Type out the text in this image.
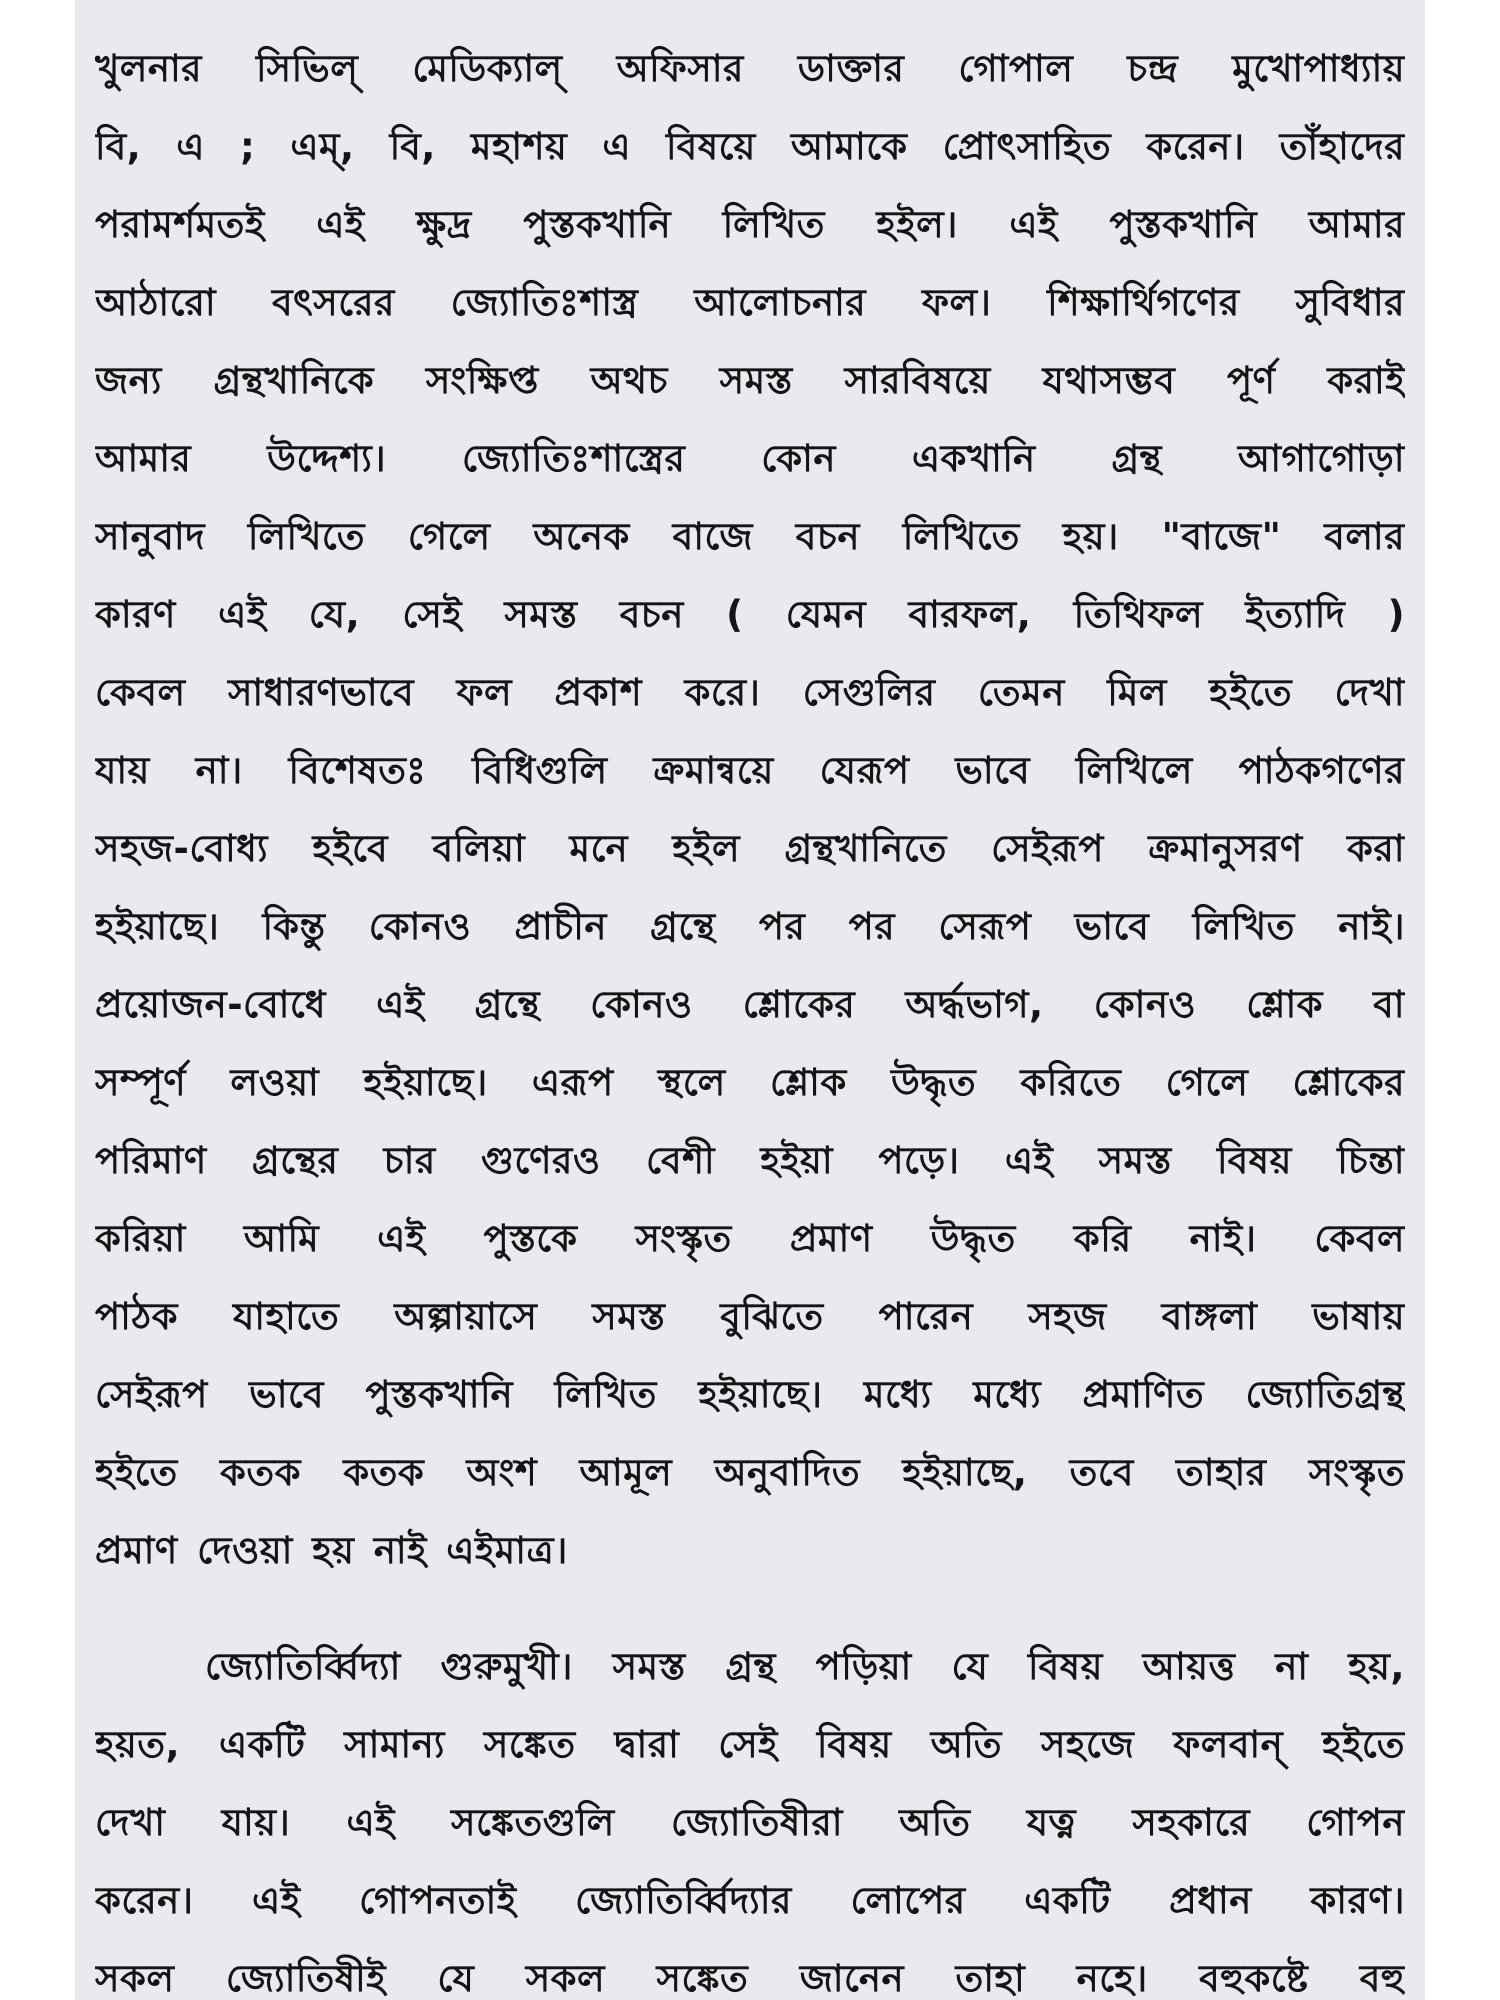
খুলনার সিভিল্ মেডিক্যাল্ অফিসার ডাক্তার গোপাল চন্দ্র মুখোপাধ্যায়
বি, এ ; এম্, বি, মহাশয় এ বিষয়ে আমাকে প্রোৎসাহিত করেন। তাঁহাদের
পরামর্শমতই এই ক্ষুদ্র পুস্তকখানি লিখিত হইল। এই পুস্তকখানি আমার
আঠারো বৎসরের জ্যোতিঃশাস্ত্র আলোচনার ফল। শিক্ষার্থিগণের সুবিধার
জন্য গ্রন্থখানিকে সংক্ষিপ্ত অথচ সমস্ত সারবিষয়ে যথাসম্ভব পূর্ণ করাই
আমার উদ্দেশ্য। জ্যোতিঃশাস্ত্রের কোন একখানি গ্রন্থ আগাগোড়া
সানুবাদ লিখিতে গেলে অনেক বাজে বচন লিখিতে হয়। "বাজে" বলার
কারণ এই যে, সেই সমস্ত বচন ( যেমন বারফল, তিথিফল ইত্যাদি )
কেবল সাধারণভাবে ফল প্রকাশ করে। সেগুলির তেমন মিল হইতে দেখা
যায় না। বিশেষতঃ বিধিগুলি ক্রমান্বয়ে যেরূপ ভাবে লিখিলে পাঠকগণের
সহজ-বোধ্য হইবে বলিয়া মনে হইল গ্রন্থখানিতে সেইরূপ ক্রমানুসরণ করা
হইয়াছে। কিন্তু কোনও প্রাচীন গ্রন্থে পর পর সেরূপ ভাবে লিখিত নাই।
প্রয়োজন-বোধে এই গ্রন্থে কোনও শ্লোকের অর্দ্ধভাগ, কোনও শ্লোক বা
সম্পূর্ণ লওয়া হইয়াছে। এরূপ স্থলে শ্লোক উদ্ধৃত করিতে গেলে শ্লোকের
পরিমাণ গ্রন্থের চার গুণেরও বেশী হইয়া পড়ে। এই সমস্ত বিষয় চিন্তা
করিয়া আমি এই পুস্তকে সংস্কৃত প্রমাণ উদ্ধৃত করি নাই। কেবল
পাঠক যাহাতে অল্পায়াসে সমস্ত বুঝিতে পারেন সহজ বাঙ্গলা ভাষায়
সেইরূপ ভাবে পুস্তকখানি লিখিত হইয়াছে। মধ্যে মধ্যে প্রমাণিত জ্যোতিগ্রন্থ
হইতে কতক কতক অংশ আমূল অনুবাদিত হইয়াছে, তবে তাহার সংস্কৃত
প্রমাণ দেওয়া হয় নাই এইমাত্র।
জ্যোতির্ব্বিদ্যা গুরুমুখী। সমস্ত গ্রন্থ পড়িয়া যে বিষয় আয়ত্ত না হয়,
হয়ত, একটি সামান্য সঙ্কেত দ্বারা সেই বিষয় অতি সহজে ফলবান্ হইতে
দেখা যায়। এই সঙ্কেতগুলি জ্যোতিষীরা অতি যত্ন সহকারে গোপন
করেন। এই গোপনতাই জ্যোতির্ব্বিদ্যার লোপের একটি প্রধান কারণ।
সকল জ্যোতিষীই যে সকল সঙ্কেত জানেন তাহা নহে। বহুকষ্টে বহু
